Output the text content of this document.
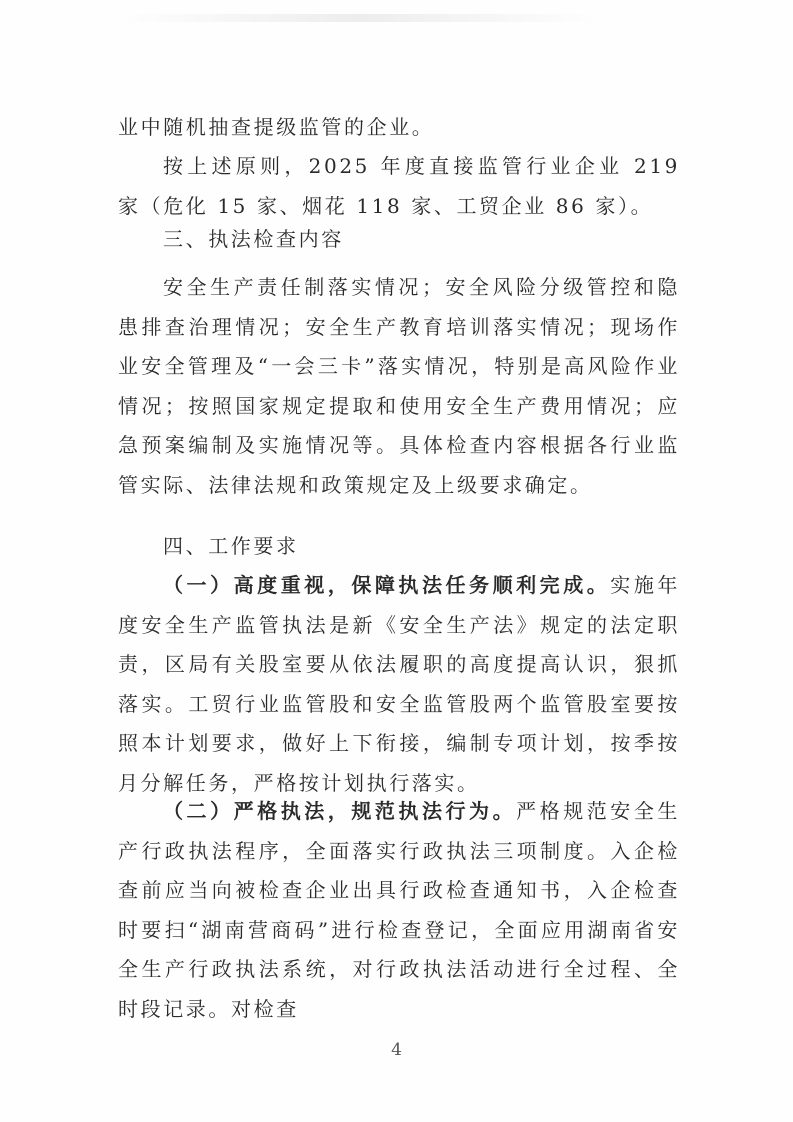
业中随机抽查提级监管的企业。
按上述原则，2025 年度直接监管行业企业 219 家（危化 15 家、烟花 118 家、工贸企业 86 家）。
三、执法检查内容
安全生产责任制落实情况；安全风险分级管控和隐患排查治理情况；安全生产教育培训落实情况；现场作业安全管理及“一会三卡”落实情况，特别是高风险作业情况；按照国家规定提取和使用安全生产费用情况；应急预案编制及实施情况等。具体检查内容根据各行业监管实际、法律法规和政策规定及上级要求确定。
四、工作要求
（一）高度重视，保障执法任务顺利完成。实施年度安全生产监管执法是新《安全生产法》规定的法定职责，区局有关股室要从依法履职的高度提高认识，狠抓落实。工贸行业监管股和安全监管股两个监管股室要按照本计划要求，做好上下衔接，编制专项计划，按季按月分解任务，严格按计划执行落实。
（二）严格执法，规范执法行为。严格规范安全生产行政执法程序，全面落实行政执法三项制度。入企检查前应当向被检查企业出具行政检查通知书，入企检查时要扫“湖南营商码”进行检查登记，全面应用湖南省安全生产行政执法系统，对行政执法活动进行全过程、全时段记录。对检查
4
